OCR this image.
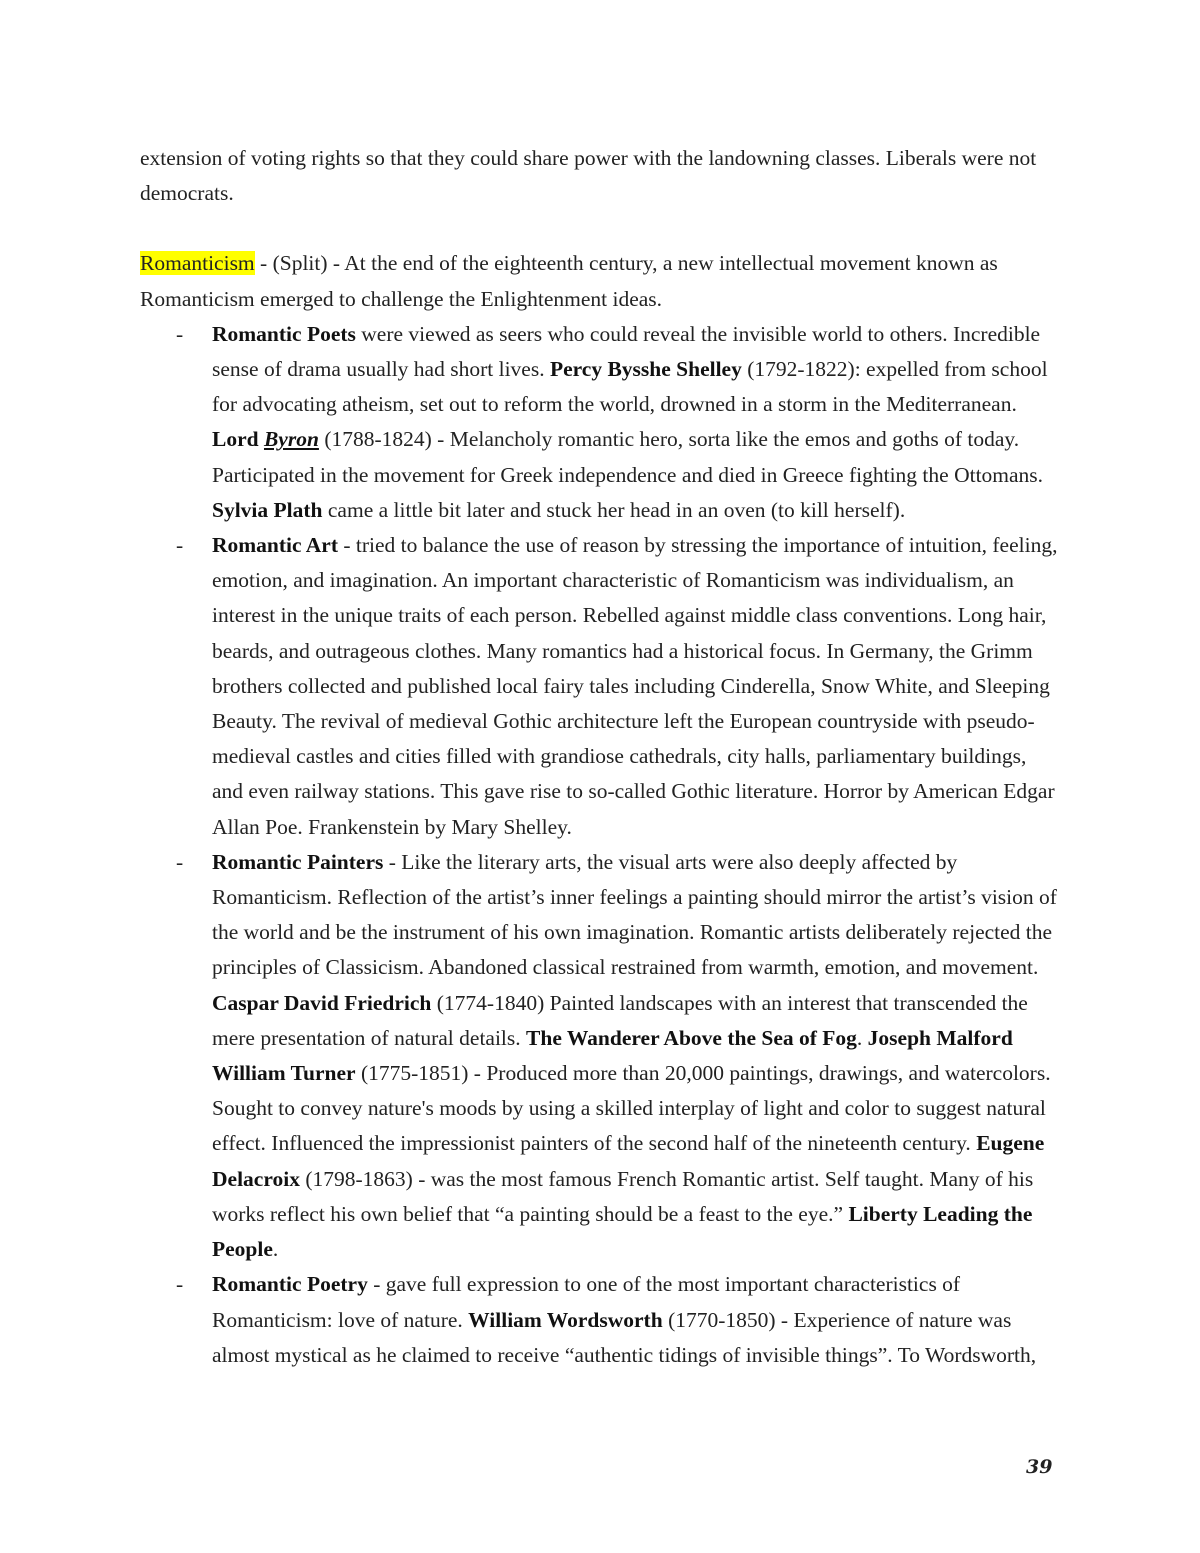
extension of voting rights so that they could share power with the landowning classes. Liberals were not democrats.

Romanticism - (Split) - At the end of the eighteenth century, a new intellectual movement known as Romanticism emerged to challenge the Enlightenment ideas.

- Romantic Poets were viewed as seers who could reveal the invisible world to others. Incredible sense of drama usually had short lives. Percy Bysshe Shelley (1792-1822): expelled from school for advocating atheism, set out to reform the world, drowned in a storm in the Mediterranean. Lord Byron (1788-1824) - Melancholy romantic hero, sorta like the emos and goths of today. Participated in the movement for Greek independence and died in Greece fighting the Ottomans. Sylvia Plath came a little bit later and stuck her head in an oven (to kill herself).
- Romantic Art - tried to balance the use of reason by stressing the importance of intuition, feeling, emotion, and imagination. An important characteristic of Romanticism was individualism, an interest in the unique traits of each person. Rebelled against middle class conventions. Long hair, beards, and outrageous clothes. Many romantics had a historical focus. In Germany, the Grimm brothers collected and published local fairy tales including Cinderella, Snow White, and Sleeping Beauty. The revival of medieval Gothic architecture left the European countryside with pseudo-medieval castles and cities filled with grandiose cathedrals, city halls, parliamentary buildings, and even railway stations. This gave rise to so-called Gothic literature. Horror by American Edgar Allan Poe. Frankenstein by Mary Shelley.
- Romantic Painters - Like the literary arts, the visual arts were also deeply affected by Romanticism. Reflection of the artist’s inner feelings a painting should mirror the artist’s vision of the world and be the instrument of his own imagination. Romantic artists deliberately rejected the principles of Classicism. Abandoned classical restrained from warmth, emotion, and movement. Caspar David Friedrich (1774-1840) Painted landscapes with an interest that transcended the mere presentation of natural details. The Wanderer Above the Sea of Fog. Joseph Malford William Turner (1775-1851) - Produced more than 20,000 paintings, drawings, and watercolors. Sought to convey nature's moods by using a skilled interplay of light and color to suggest natural effect. Influenced the impressionist painters of the second half of the nineteenth century. Eugene Delacroix (1798-1863) - was the most famous French Romantic artist. Self taught. Many of his works reflect his own belief that “a painting should be a feast to the eye.” Liberty Leading the People.
- Romantic Poetry - gave full expression to one of the most important characteristics of Romanticism: love of nature. William Wordsworth (1770-1850) - Experience of nature was almost mystical as he claimed to receive “authentic tidings of invisible things”. To Wordsworth,
39
